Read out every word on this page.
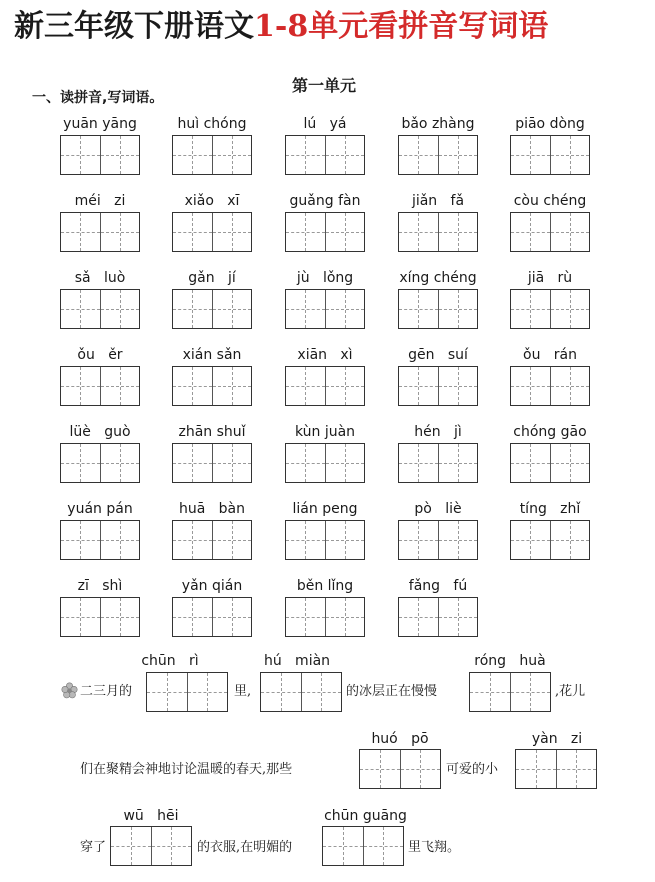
新三年级下册语文1-8单元看拼音写词语
一、读拼音,写词语。
第一单元
yuān yāng	huì chóng	lú   yá	bǎo zhàng	piāo dòng
méi   zi	xiǎo   xī	guǎng fàn	jiǎn   fǎ	còu chéng
sǎ   luò	gǎn   jí	jù   lǒng	xíng chéng	jiā   rù
ǒu   ěr	xián sǎn	xiān   xì	gēn   suí	ǒu   rán
lüè   guò	zhān shuǐ	kùn juàn	hén   jì	chóng gāo
yuán pán	huā   bàn	lián peng	pò   liè	tíng   zhǐ
zī   shì	yǎn qián	běn lǐng	fǎng   fú
二三月的
chūn   rì
里,
hú   miàn
的冰层正在慢慢
róng   huà
,花儿
们在聚精会神地讨论温暖的春天,那些
huó   pō
可爱的小
yàn   zi
穿了
wū   hēi
的衣服,在明媚的
chūn guāng
里飞翔。
